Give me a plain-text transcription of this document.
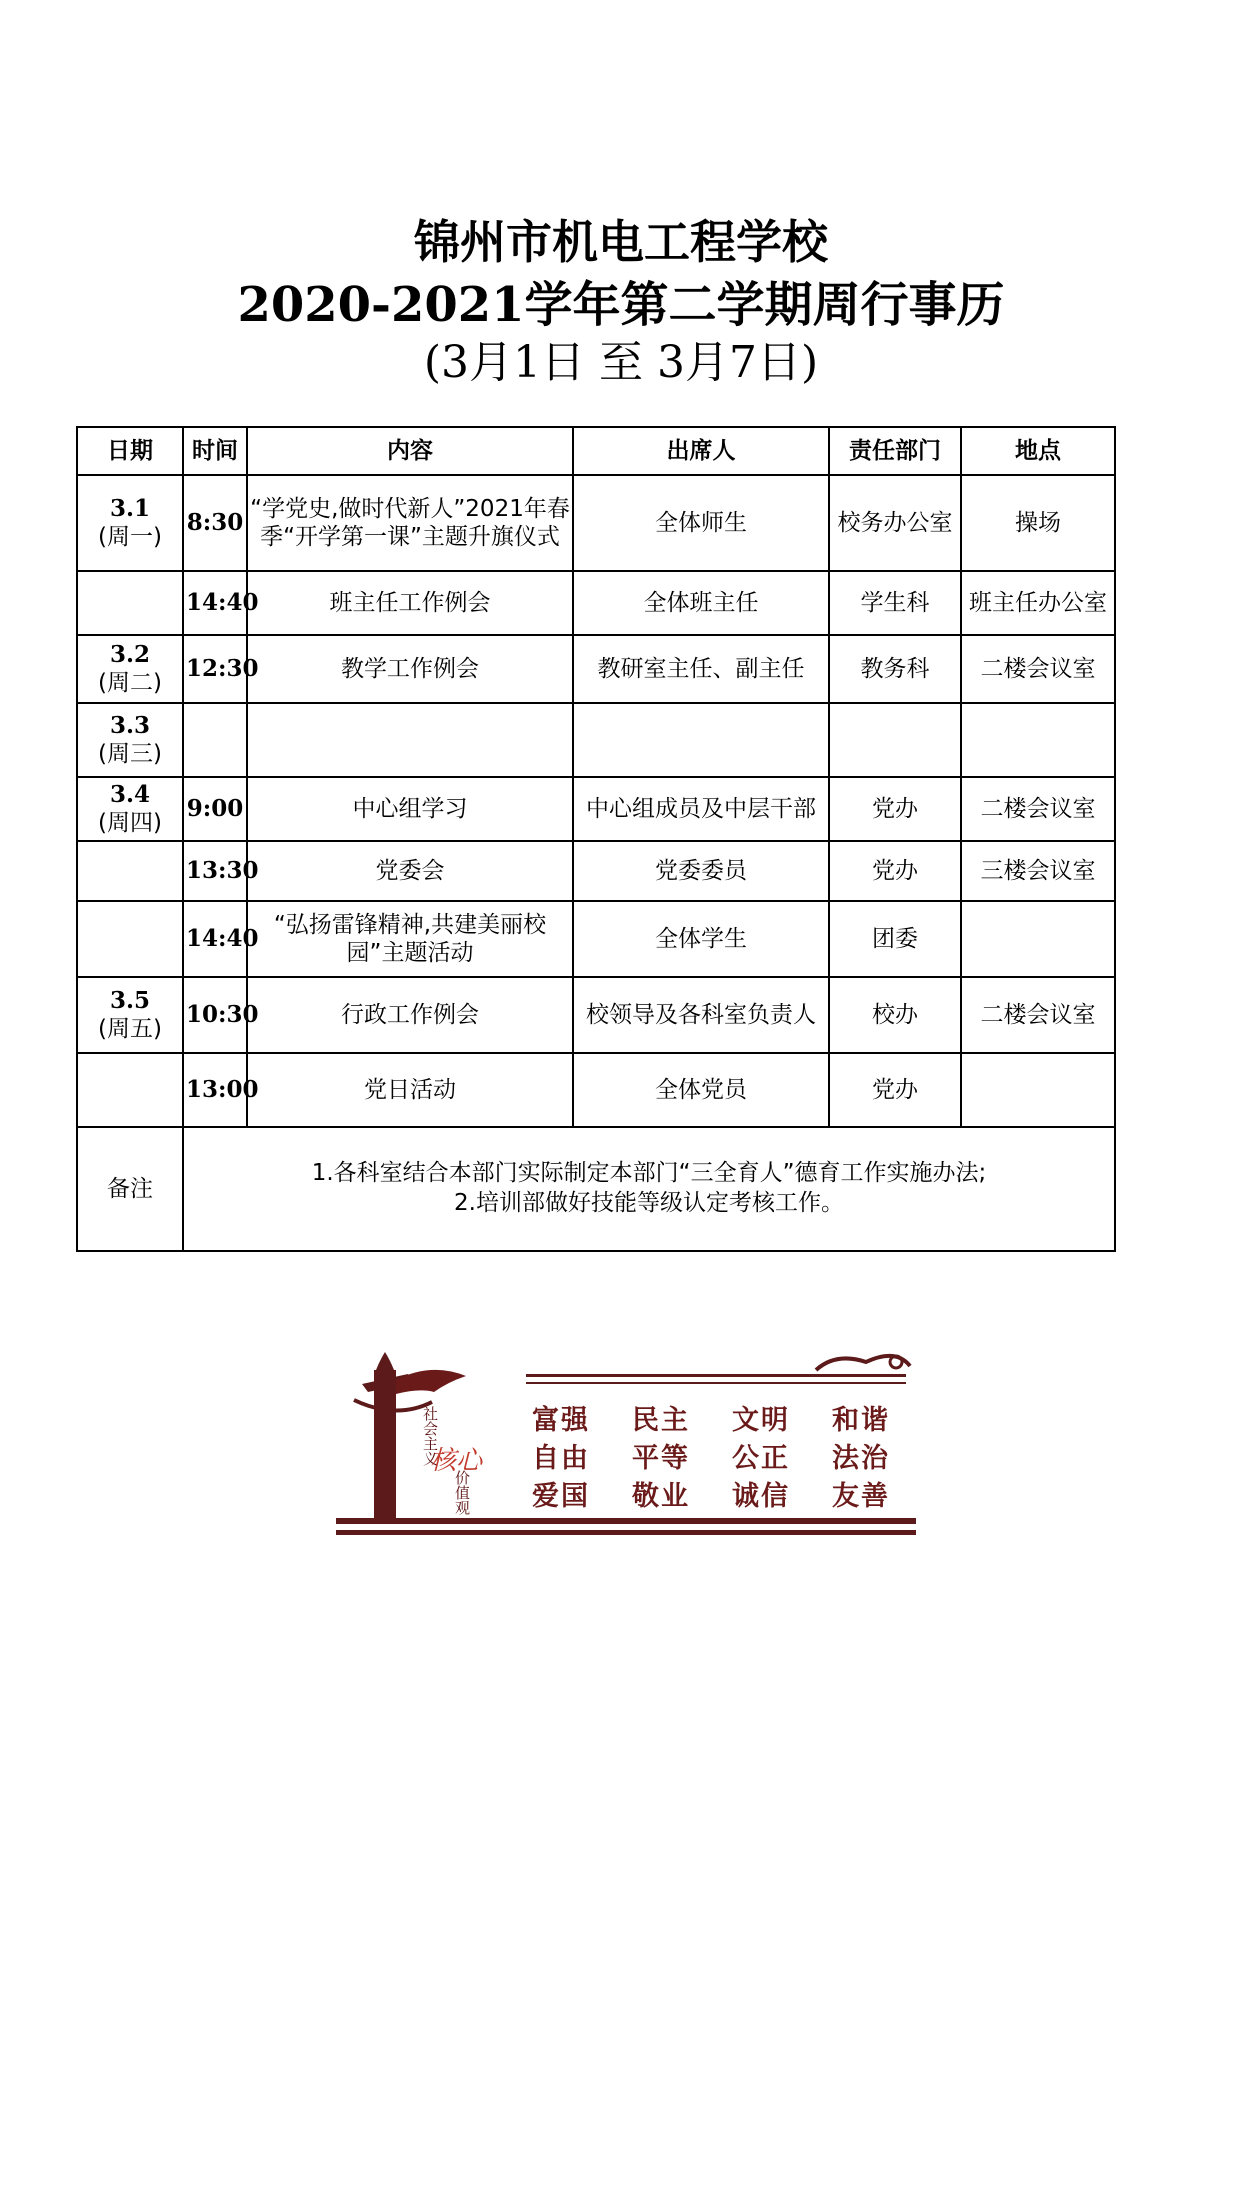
锦州市机电工程学校
2020-2021学年第二学期周行事历
(3月1日 至 3月7日)
日期	时间	内容	出席人	责任部门	地点

3.1
(周一)	8:30	“学党史,做时代新人”2021年春季“开学第一课”主题升旗仪式	全体师生	校务办公室	操场

	14:40	班主任工作例会	全体班主任	学生科	班主任办公室

3.2
(周二)	12:30	教学工作例会	教研室主任、副主任	教务科	二楼会议室

3.3
(周三)					

3.4
(周四)	9:00	中心组学习	中心组成员及中层干部	党办	二楼会议室

	13:30	党委会	党委委员	党办	三楼会议室

	14:40	“弘扬雷锋精神,共建美丽校园”主题活动	全体学生	团委	

3.5
(周五)	10:30	行政工作例会	校领导及各科室负责人	校办	二楼会议室

	13:00	党日活动	全体党员	党办	
备注	1.各科室结合本部门实际制定本部门“三全育人”德育工作实施办法;
2.培训部做好技能等级认定考核工作。				
社会主义
核心
价值观
富强 民主 文明 和谐
自由 平等 公正 法治
爱国 敬业 诚信 友善
